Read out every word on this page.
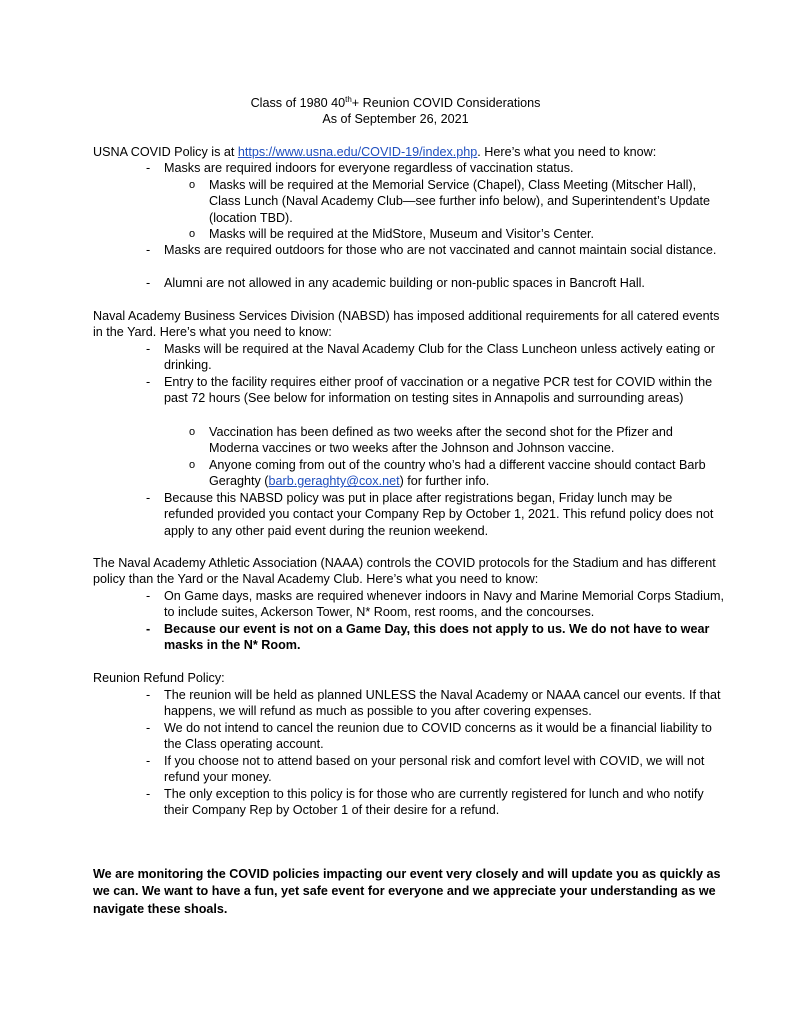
Class of 1980 40th+ Reunion COVID Considerations
As of September 26, 2021
USNA COVID Policy is at https://www.usna.edu/COVID-19/index.php. Here’s what you need to know:
- Masks are required indoors for everyone regardless of vaccination status.
o Masks will be required at the Memorial Service (Chapel), Class Meeting (Mitscher Hall), Class Lunch (Naval Academy Club—see further info below), and Superintendent’s Update (location TBD).
o Masks will be required at the MidStore, Museum and Visitor’s Center.
- Masks are required outdoors for those who are not vaccinated and cannot maintain social distance.
- Alumni are not allowed in any academic building or non-public spaces in Bancroft Hall.
Naval Academy Business Services Division (NABSD) has imposed additional requirements for all catered events in the Yard. Here’s what you need to know:
- Masks will be required at the Naval Academy Club for the Class Luncheon unless actively eating or drinking.
- Entry to the facility requires either proof of vaccination or a negative PCR test for COVID within the past 72 hours (See below for information on testing sites in Annapolis and surrounding areas)
o Vaccination has been defined as two weeks after the second shot for the Pfizer and Moderna vaccines or two weeks after the Johnson and Johnson vaccine.
o Anyone coming from out of the country who’s had a different vaccine should contact Barb Geraghty (barb.geraghty@cox.net) for further info.
- Because this NABSD policy was put in place after registrations began, Friday lunch may be refunded provided you contact your Company Rep by October 1, 2021. This refund policy does not apply to any other paid event during the reunion weekend.
The Naval Academy Athletic Association (NAAA) controls the COVID protocols for the Stadium and has different policy than the Yard or the Naval Academy Club. Here’s what you need to know:
- On Game days, masks are required whenever indoors in Navy and Marine Memorial Corps Stadium, to include suites, Ackerson Tower, N* Room, rest rooms, and the concourses.
- Because our event is not on a Game Day, this does not apply to us. We do not have to wear masks in the N* Room.
Reunion Refund Policy:
- The reunion will be held as planned UNLESS the Naval Academy or NAAA cancel our events. If that happens, we will refund as much as possible to you after covering expenses.
- We do not intend to cancel the reunion due to COVID concerns as it would be a financial liability to the Class operating account.
- If you choose not to attend based on your personal risk and comfort level with COVID, we will not refund your money.
- The only exception to this policy is for those who are currently registered for lunch and who notify their Company Rep by October 1 of their desire for a refund.
We are monitoring the COVID policies impacting our event very closely and will update you as quickly as we can. We want to have a fun, yet safe event for everyone and we appreciate your understanding as we navigate these shoals.
